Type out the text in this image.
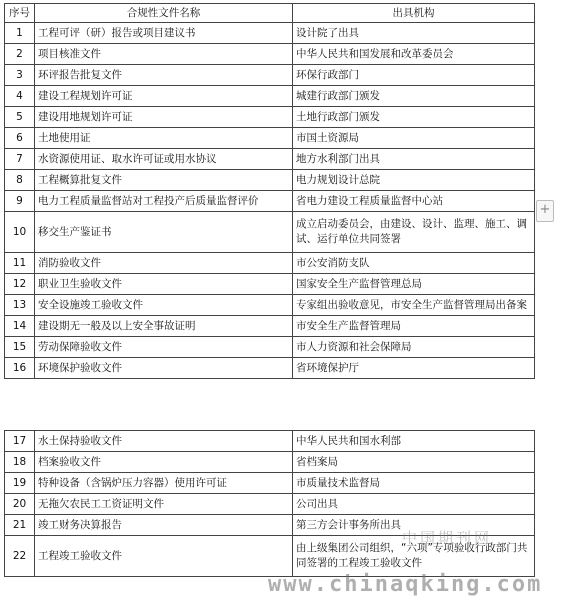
序号	合规性文件名称	出具机构
1	工程可评（研）报告或项目建议书	设计院了出具
2	项目核准文件	中华人民共和国发展和改革委员会
3	环评报告批复文件	环保行政部门
4	建设工程规划许可证	城建行政部门颁发
5	建设用地规划许可证	土地行政部门颁发
6	土地使用证	市国土资源局
7	水资源使用证、取水许可证或用水协议	地方水利部门出具
8	工程概算批复文件	电力规划设计总院
9	电力工程质量监督站对工程投产后质量监督评价	省电力建设工程质量监督中心站
10	移交生产鉴证书	成立启动委员会，由建设、设计、监理、施工、调试、运行单位共同签署
11	消防验收文件	市公安消防支队
12	职业卫生验收文件	国家安全生产监督管理总局
13	安全设施竣工验收文件	专家组出验收意见，市安全生产监督管理局出备案
14	建设期无一般及以上安全事故证明	市安全生产监督管理局
15	劳动保障验收文件	市人力资源和社会保障局
16	环境保护验收文件	省环境保护厅
17	水土保持验收文件	中华人民共和国水利部
18	档案验收文件	省档案局
19	特种设备（含锅炉压力容器）使用许可证	市质量技术监督局
20	无拖欠农民工工资证明文件	公司出具
21	竣工财务决算报告	第三方会计事务所出具
22	工程竣工验收文件	由上级集团公司组织，“六项”专项验收行政部门共同签署的工程竣工验收文件
+
中国期刊网
www.chinaqking.com
